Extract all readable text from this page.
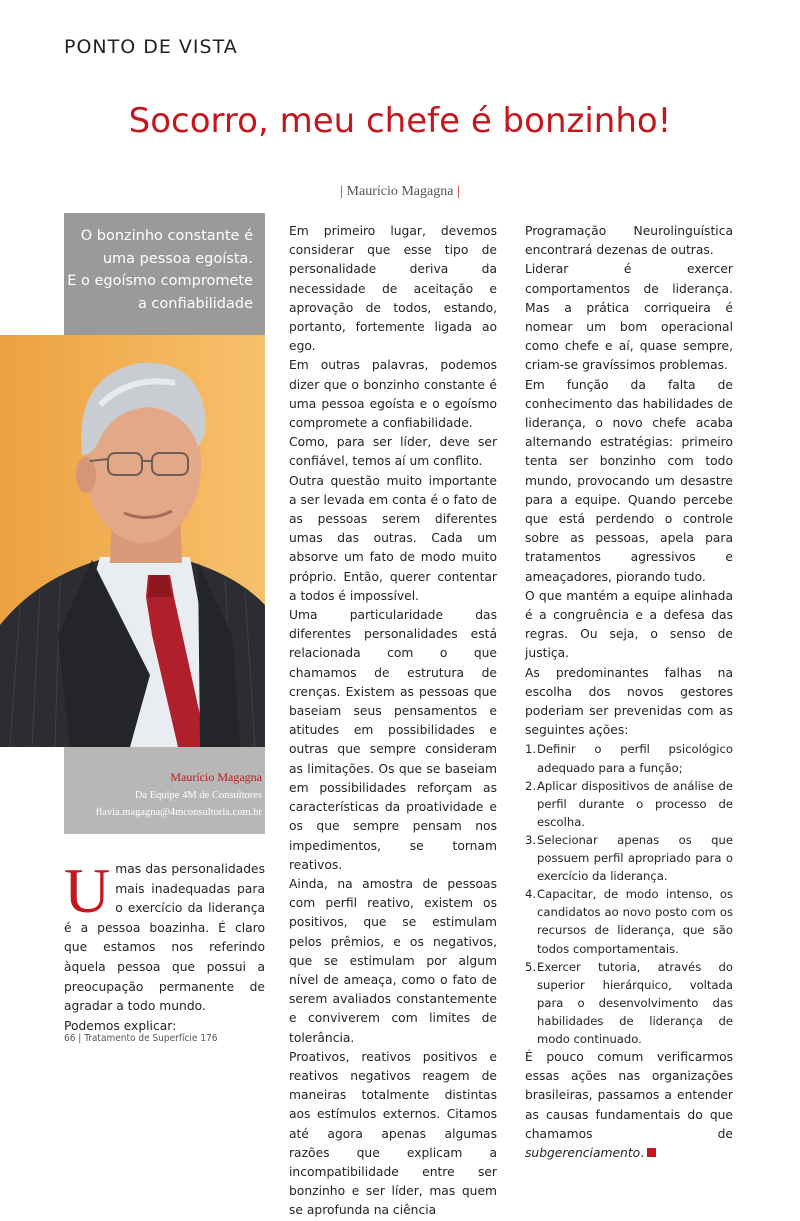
PONTO DE VISTA
Socorro, meu chefe é bonzinho!
| Maurício Magagna |
O bonzinho constante é
uma pessoa egoísta.
E o egoísmo compromete
a confiabilidade
Maurício Magagna
Da Equipe 4M de Consultores
flavia.magagna@4mconsultoria.com.br
U mas das personalidades mais inadequadas para o exercício da liderança é a pessoa boazinha. É claro que estamos nos referindo àquela pessoa que possui a preocupação permanente de agradar a todo mundo.

Podemos explicar:

Em primeiro lugar, devemos considerar que esse tipo de personalidade deriva da necessidade de aceitação e aprovação de todos, estando, portanto, fortemente ligada ao ego.

Em outras palavras, podemos dizer que o bonzinho constante é uma pessoa egoísta e o egoísmo compromete a confiabilidade.

Como, para ser líder, deve ser confiável, temos aí um conflito.

Outra questão muito importante a ser levada em conta é o fato de as pessoas serem diferentes umas das outras. Cada um absorve um fato de modo muito próprio. Então, querer contentar a todos é impossível.

Uma particularidade das diferentes personalidades está relacionada com o que chamamos de estrutura de crenças. Existem as pessoas que baseiam seus pensamentos e atitudes em possibilidades e outras que sempre consideram as limitações. Os que se baseiam em possibilidades reforçam as características da proatividade e os que sempre pensam nos impedimentos, se tornam reativos.

Ainda, na amostra de pessoas com perfil reativo, existem os positivos, que se estimulam pelos prêmios, e os negativos, que se estimulam por algum nível de ameaça, como o fato de serem avaliados constantemente e conviverem com limites de tolerância.

Proativos, reativos positivos e reativos negativos reagem de maneiras totalmente distintas aos estímulos externos. Citamos até agora apenas algumas razões que explicam a incompatibilidade entre ser bonzinho e ser líder, mas quem se aprofunda na ciência

Programação Neurolinguística encontrará dezenas de outras.

Liderar é exercer comportamentos de liderança. Mas a prática corriqueira é nomear um bom operacional como chefe e aí, quase sempre, criam-se gravíssimos problemas.

Em função da falta de conhecimento das habilidades de liderança, o novo chefe acaba alternando estratégias: primeiro tenta ser bonzinho com todo mundo, provocando um desastre para a equipe. Quando percebe que está perdendo o controle sobre as pessoas, apela para tratamentos agressivos e ameaçadores, piorando tudo.

O que mantém a equipe alinhada é a congruência e a defesa das regras. Ou seja, o senso de justiça.

As predominantes falhas na escolha dos novos gestores poderiam ser prevenidas com as seguintes ações:

1. Definir o perfil psicológico adequado para a função;
2. Aplicar dispositivos de análise de perfil durante o processo de escolha.
3. Selecionar apenas os que possuem perfil apropriado para o exercício da liderança.
4. Capacitar, de modo intenso, os candidatos ao novo posto com os recursos de liderança, que são todos comportamentais.
5. Exercer tutoria, através do superior hierárquico, voltada para o desenvolvimento das habilidades de liderança de modo continuado.

É pouco comum verificarmos essas ações nas organizações brasileiras, passamos a entender as causas fundamentais do que chamamos de subgerenciamento.

66 | Tratamento de Superfície 176
